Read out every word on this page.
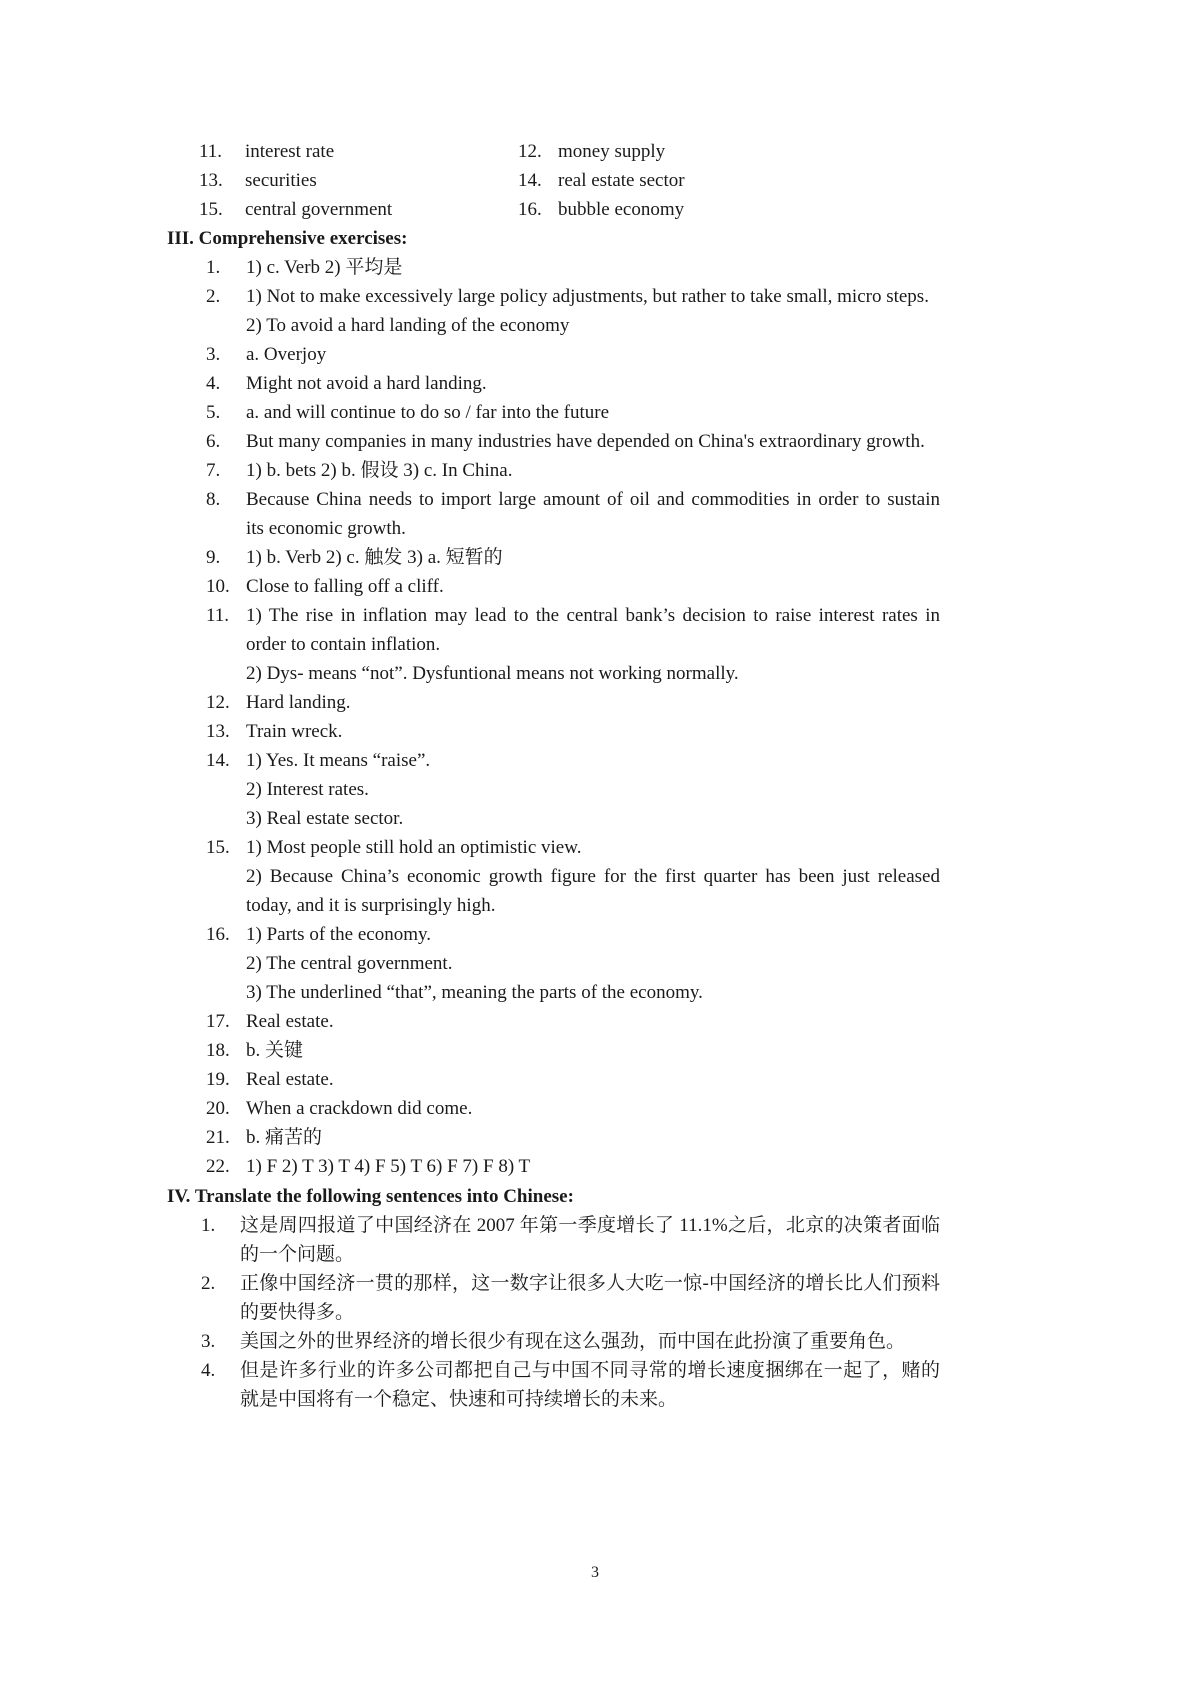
11. interest rate	12. money supply
13. securities	14. real estate sector
15. central government	16. bubble economy
III. Comprehensive exercises:
1. 1) c. Verb 2) 平均是
2. 1) Not to make excessively large policy adjustments, but rather to take small, micro steps.
2) To avoid a hard landing of the economy
3. a. Overjoy
4. Might not avoid a hard landing.
5. a. and will continue to do so / far into the future
6. But many companies in many industries have depended on China's extraordinary growth.
7. 1) b. bets 2) b. 假设 3) c. In China.
8. Because China needs to import large amount of oil and commodities in order to sustain
its economic growth.
9. 1) b. Verb 2) c. 触发 3) a. 短暂的
10. Close to falling off a cliff.
11. 1) The rise in inflation may lead to the central bank’s decision to raise interest rates in
order to contain inflation.
2) Dys- means “not”. Dysfuntional means not working normally.
12. Hard landing.
13. Train wreck.
14. 1) Yes. It means “raise”.
2) Interest rates.
3) Real estate sector.
15. 1) Most people still hold an optimistic view.
2) Because China’s economic growth figure for the first quarter has been just released
today, and it is surprisingly high.
16. 1) Parts of the economy.
2) The central government.
3) The underlined “that”, meaning the parts of the economy.
17. Real estate.
18. b. 关键
19. Real estate.
20. When a crackdown did come.
21. b. 痛苦的
22. 1) F 2) T 3) T 4) F 5) T 6) F 7) F 8) T
IV. Translate the following sentences into Chinese:
1. 这是周四报道了中国经济在 2007 年第一季度增长了 11.1%之后，北京的决策者面临
的一个问题。
2. 正像中国经济一贯的那样，这一数字让很多人大吃一惊-中国经济的增长比人们预料
的要快得多。
3. 美国之外的世界经济的增长很少有现在这么强劲，而中国在此扮演了重要角色。
4. 但是许多行业的许多公司都把自己与中国不同寻常的增长速度捆绑在一起了，赌的
就是中国将有一个稳定、快速和可持续增长的未来。
3
